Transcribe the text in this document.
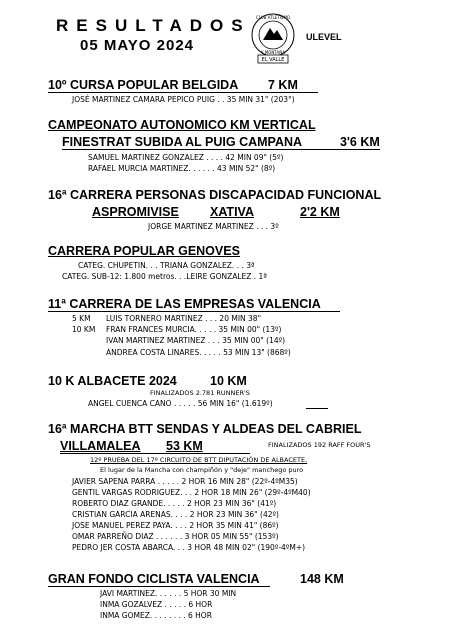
RESULTADOS
05 MAYO 2024
CLUB ATLETISMO
Y MONTAÑA
EL VALLE
ULEVEL
10º CURSA POPULAR BELGIDA 7 KM
JOSÉ MARTINEZ CAMARA PEPICO PUIG . . 35 MIN 31" (203°)
CAMPEONATO AUTONOMICO KM VERTICAL
FINESTRAT SUBIDA AL PUIG CAMPANA	3'6 KM
SAMUEL MARTINEZ GONZALEZ . . . . 42 MIN 09" (5º)
RAFAEL MURCIA MARTINEZ. . . . . . 43 MIN 52" (8º)
16ª CARRERA PERSONAS DISCAPACIDAD FUNCIONAL
ASPROMIVISE XATIVA	2'2 KM
JORGE MARTINEZ MARTINEZ . . . 3º
CARRERA POPULAR GENOVES
CATEG. CHUPETIN. . . TRIANA GONZALEZ. . . 3ª
CATEG. SUB-12: 1.800 metros. . .LEIRE GONZALEZ . 1ª
11ª CARRERA DE LAS EMPRESAS VALENCIA
5 KM LUIS TORNERO MARTINEZ . . . 20 MIN 38"
10 KM FRAN FRANCES MURCIA. . . . . 35 MIN 00" (13º)
IVAN MARTINEZ MARTINEZ . . . 35 MIN 00" (14º)
ANDREA COSTA LINARES. . . . . 53 MIN 13" (868º)
10 K ALBACETE 2024	10 KM
FINALIZADOS 2.781 RUNNER'S
ANGEL CUENCA CANO . . . . . 56 MIN 16" (1.619º)
16ª MARCHA BTT SENDAS Y ALDEAS DEL CABRIEL
VILLAMALEA 53 KM	FINALIZADOS 192 RAFF FOUR'S
12º PRUEBA DEL 17º CIRCUITO DE BTT DIPUTACIÓN DE ALBACETE.
El lugar de la Mancha con champiñón y "deje" manchego puro
JAVIER SAPENA PARRA . . . . . 2 HOR 16 MIN 28" (22º-4ºM35)
GENTIL VARGAS RODRIGUEZ. . . 2 HOR 18 MIN 26" (29º-4ºM40)
ROBERTO DIAZ GRANDE. . . . . 2 HOR 23 MIN 36" (41º)
CRISTIAN GARCIA ARENAS. . . . 2 HOR 23 MIN 36" (42º)
JOSE MANUEL PEREZ PAYA. . . . 2 HOR 35 MIN 41" (86º)
OMAR PARREÑO DIAZ . . . . . . 3 HOR 05 MIN 55" (153º)
PEDRO JER COSTA ABARCA. . . 3 HOR 48 MIN 02" (190º-4ºM+)
GRAN FONDO CICLISTA VALENCIA	148 KM
JAVI MARTINEZ. . . . . . 5 HOR 30 MIN
INMA GOZALVEZ . . . . . 6 HOR
INMA GOMEZ. . . . . . . . 6 HOR
